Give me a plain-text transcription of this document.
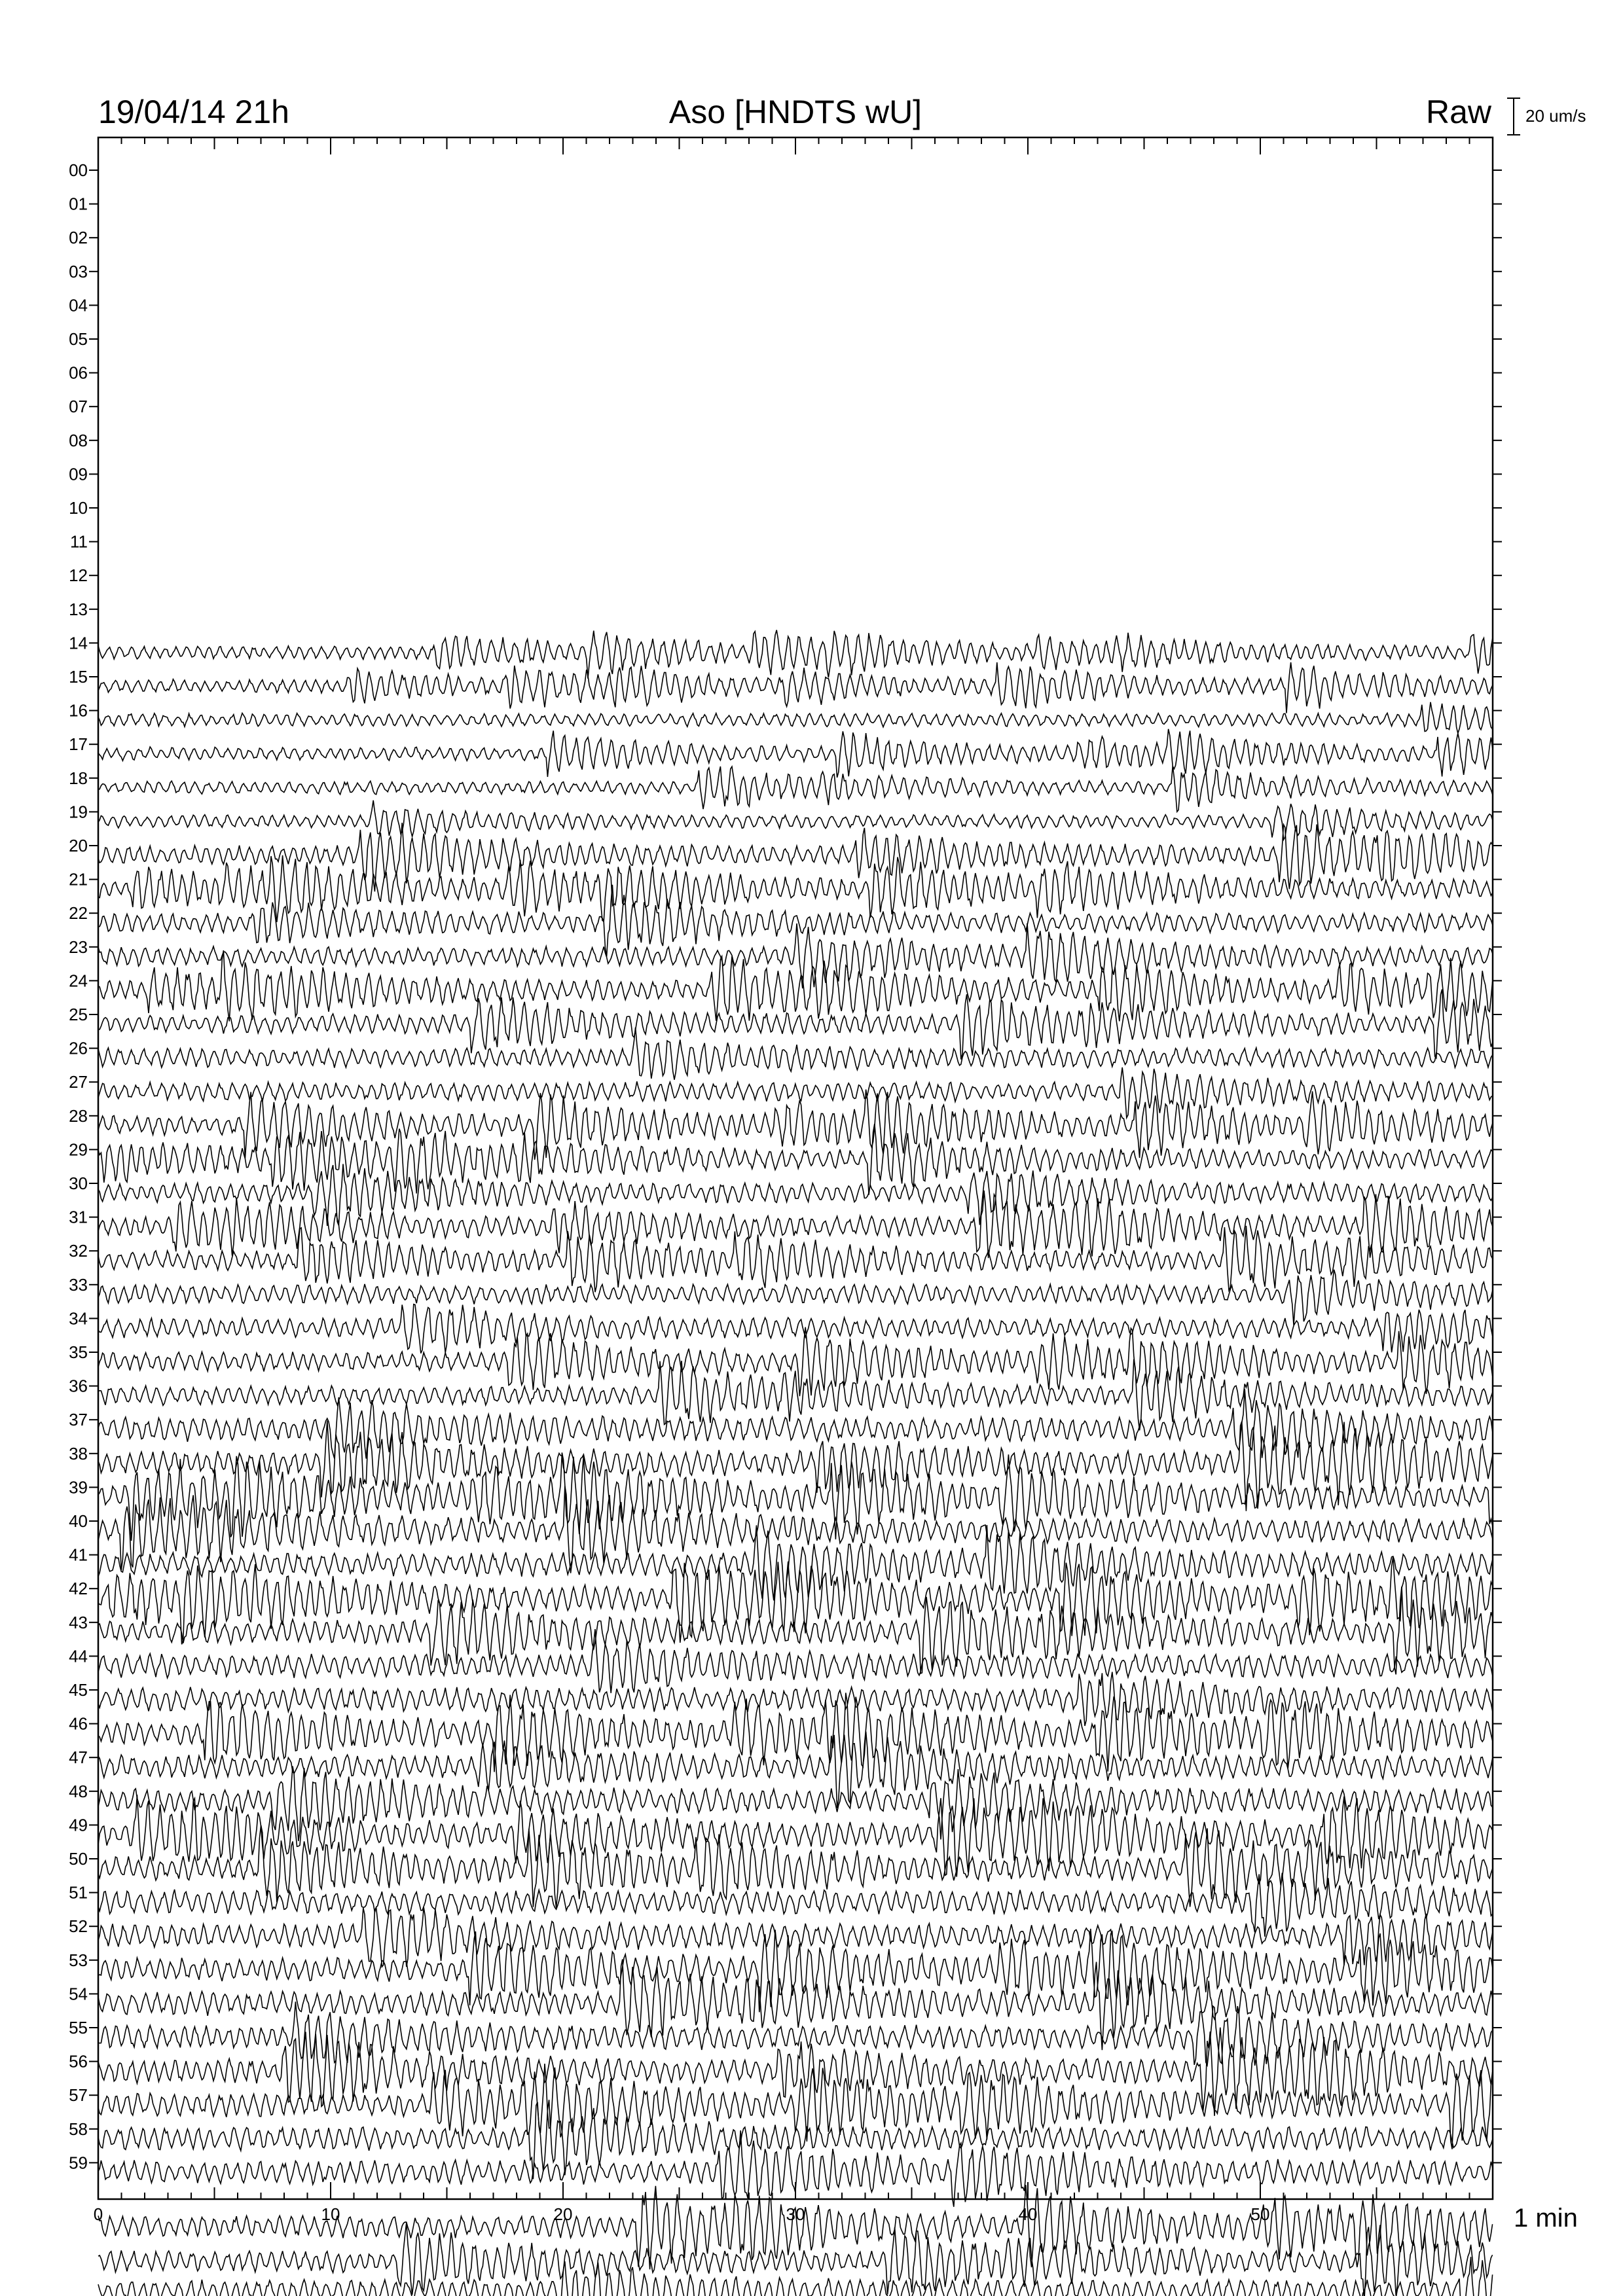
19/04/14 21h	Aso [HNDTS wU]	Raw 20 um/s
00
01
02
03
04
05
06
07
08
09
10
11
12
13
14
15
16
17
18
19
20
21
22
23
24
25
26
27
28
29
30
31
32
33
34
35
36
37
38
39
40
41
42
43
44
45
46
47
48
49
50
51
52
53
54
55
56
57
58
59
0	10	20	30	40	50	1 min
